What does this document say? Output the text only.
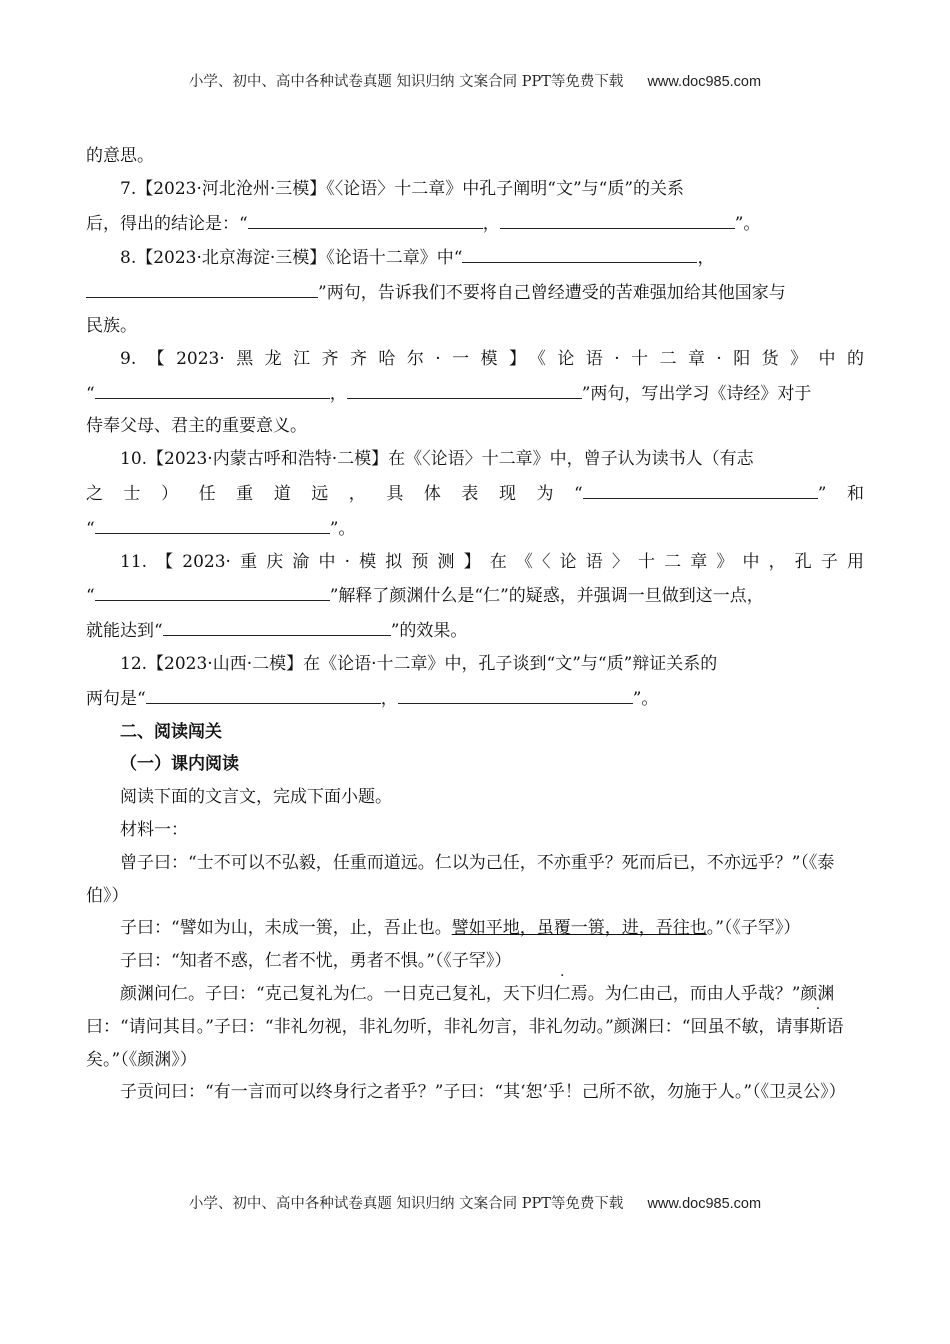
小学、初中、高中各种试卷真题 知识归纳 文案合同 PPT等免费下载 www.doc985.com

的意思。

7.【2023·河北沧州·三模】《〈论语〉十二章》中孔子阐明“文”与“质”的关系

后，得出的结论是：“	，	”。

8.【2023·北京海淀·三模】《论语十二章》中“	，

”两句，告诉我们不要将自己曾经遭受的苦难强加给其他国家与

民族。

9.【2023·黑龙江齐齐哈尔·一模】《论语·十二章·阳货》中的

“	，	”两句，写出学习《诗经》对于

侍奉父母、君主的重要意义。

10.【2023·内蒙古呼和浩特·二模】在《〈论语〉十二章》中，曾子认为读书人（有志

之士）任重道远，具体表现为“	”和

“	”。

11.【2023·重庆渝中·模拟预测】在《〈论语〉十二章》中，孔子用

“	”解释了颜渊什么是“仁”的疑惑，并强调一旦做到这一点，

就能达到“	”的效果。

12.【2023·山西·二模】在《论语·十二章》中，孔子谈到“文”与“质”辩证关系的

两句是“	，	”。

二、阅读闯关

（一）课内阅读

阅读下面的文言文，完成下面小题。

材料一：

曾子曰：“士不可以不弘毅，任重而道远。仁以为己任，不亦重乎？死而后已，不亦远乎？”（《泰伯》）

子曰：“譬如为山，未成一篑，止，吾止也。譬如平地，虽覆一篑，进，吾往也。”（《子罕》）

子曰：“知者不惑，仁者不忧，勇者不惧。”（《子罕》）

颜渊问仁。子曰：“克己复礼为仁。一日克己复礼，天下归仁焉。为仁由己，而由人乎哉？”颜渊曰：“请问其目。”子曰：“非礼勿视，非礼勿听，非礼勿言，非礼勿动。”颜渊曰：“回虽不敏，请事斯语矣。”（《颜渊》）

子贡问曰：“有一言而可以终身行之者乎？”子曰：“其‘恕’乎！己所不欲，勿施于人。”（《卫灵公》）

小学、初中、高中各种试卷真题 知识归纳 文案合同 PPT等免费下载 www.doc985.com
